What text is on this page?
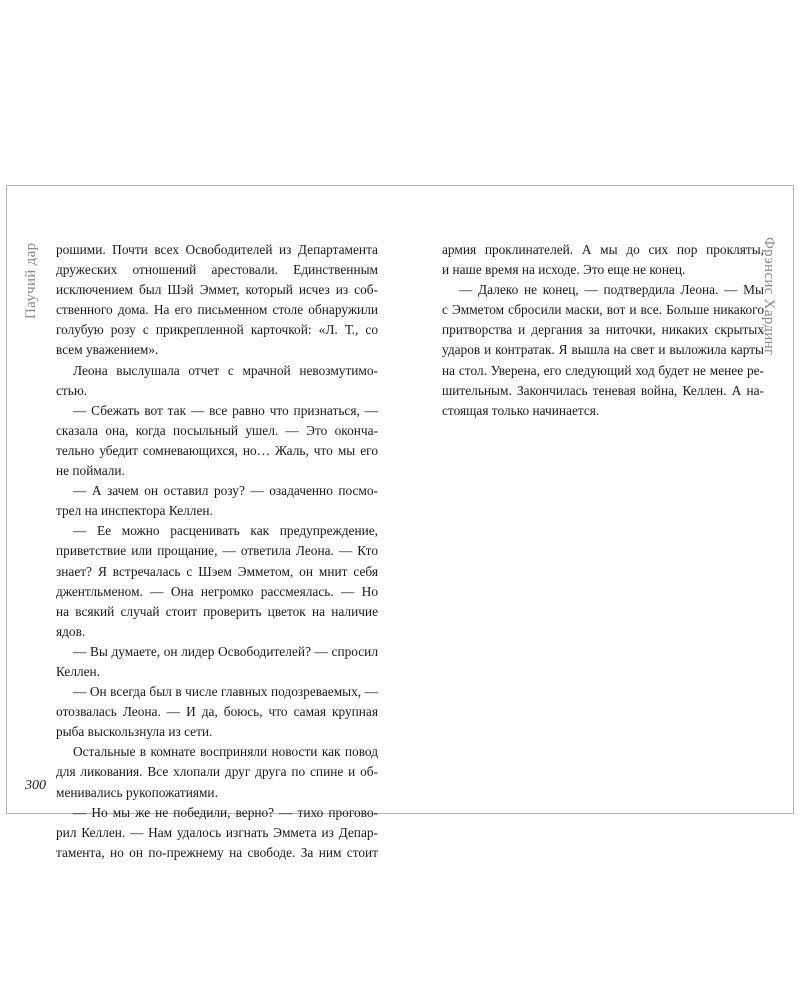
Паучий дар	Фрэнсис Хардинг
рошими. Почти всех Освободителей из Департамента
дружеских отношений арестовали. Единственным
исключением был Шэй Эммет, который исчез из соб-
ственного дома. На его письменном столе обнаружили
голубую розу с прикрепленной карточкой: «Л. Т., со
всем уважением».
Леона выслушала отчет с мрачной невозмутимо-
стью.
— Сбежать вот так — все равно что признаться, —
сказала она, когда посыльный ушел. — Это оконча-
тельно убедит сомневающихся, но… Жаль, что мы его
не поймали.
— А зачем он оставил розу? — озадаченно посмо-
трел на инспектора Келлен.
— Ее можно расценивать как предупреждение,
приветствие или прощание, — ответила Леона. — Кто
знает? Я встречалась с Шэем Эмметом, он мнит себя
джентльменом. — Она негромко рассмеялась. — Но
на всякий случай стоит проверить цветок на наличие
ядов.
— Вы думаете, он лидер Освободителей? — спросил
Келлен.
— Он всегда был в числе главных подозреваемых, —
отозвалась Леона. — И да, боюсь, что самая крупная
рыба выскользнула из сети.
Остальные в комнате восприняли новости как повод
для ликования. Все хлопали друг друга по спине и об-
менивались рукопожатиями.
— Но мы же не победили, верно? — тихо прогово-
рил Келлен. — Нам удалось изгнать Эммета из Депар-
тамента, но он по-прежнему на свободе. За ним стоит
армия проклинателей. А мы до сих пор прокляты,
и наше время на исходе. Это еще не конец.
— Далеко не конец, — подтвердила Леона. — Мы
с Эмметом сбросили маски, вот и все. Больше никакого
притворства и дергания за ниточки, никаких скрытых
ударов и контратак. Я вышла на свет и выложила карты
на стол. Уверена, его следующий ход будет не менее ре-
шительным. Закончилась теневая война, Келлен. А на-
стоящая только начинается.
300
